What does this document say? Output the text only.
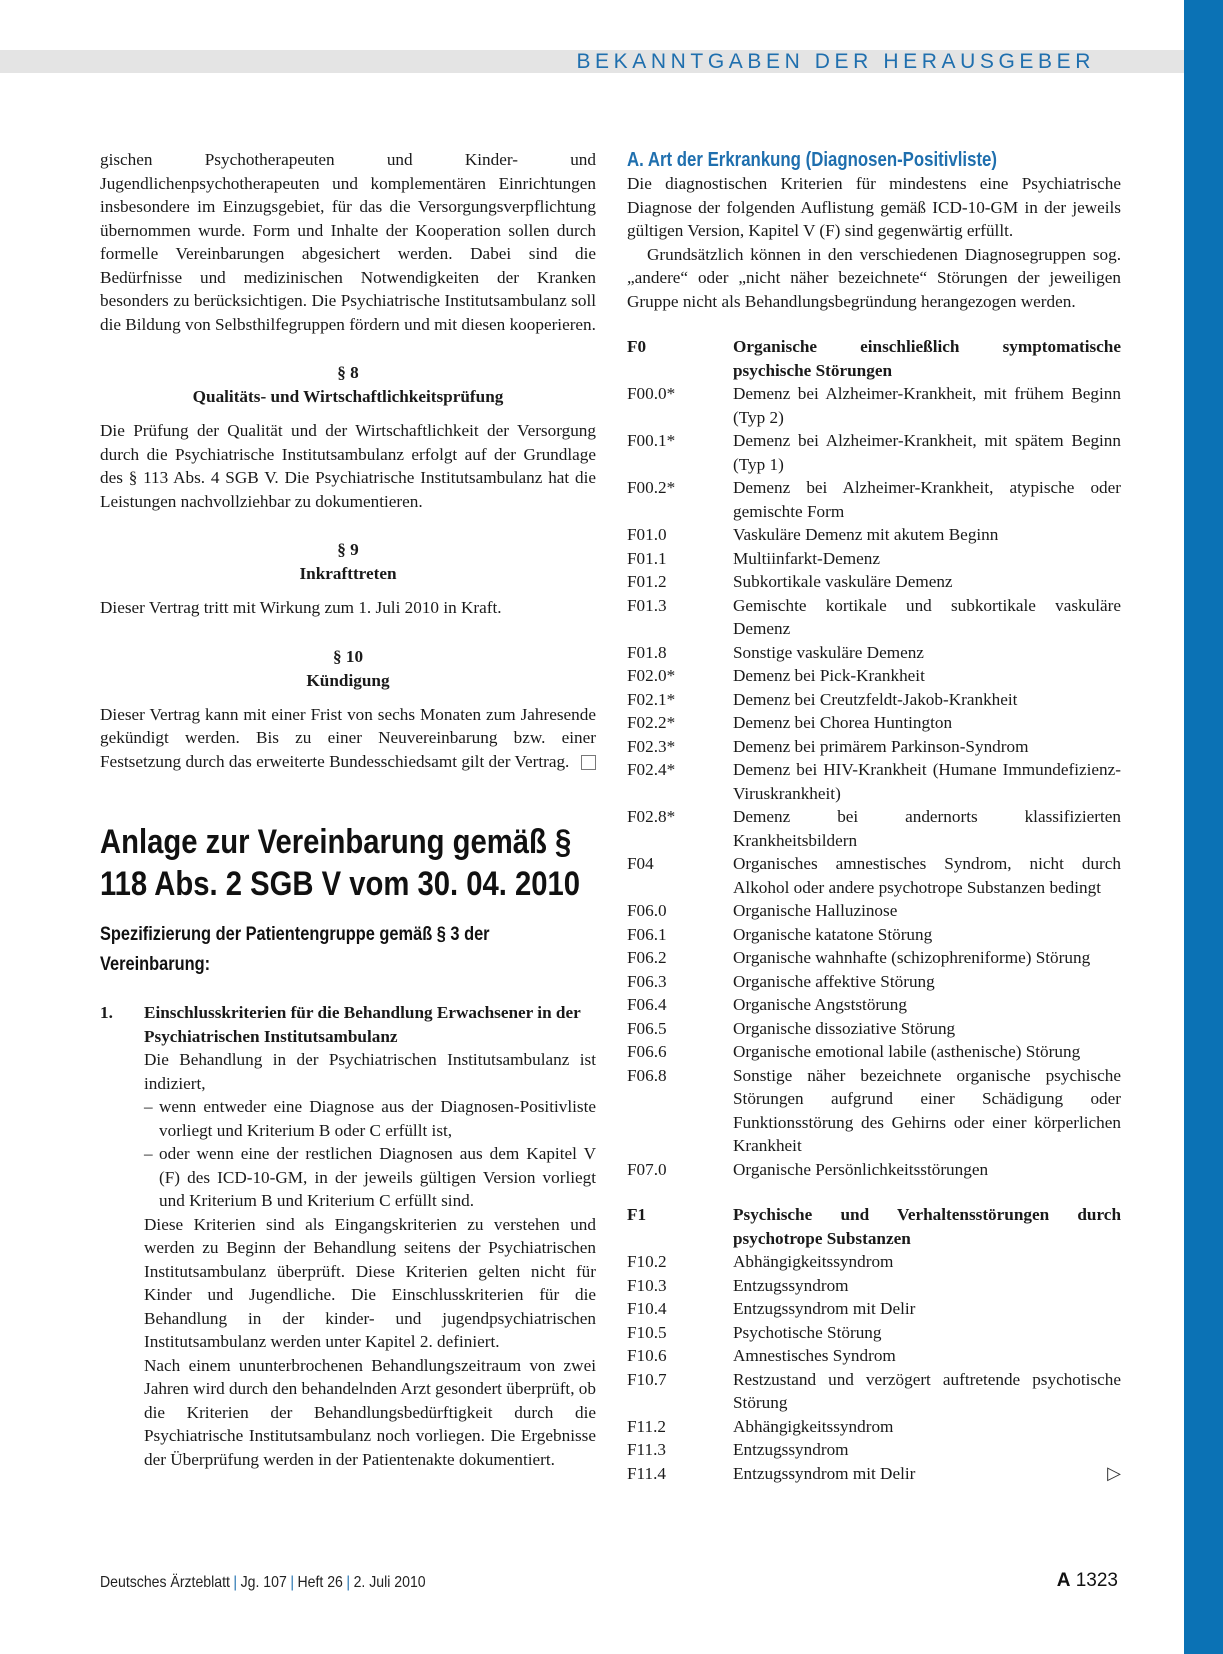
BEKANNTGABEN DER HERAUSGEBER

gischen Psychotherapeuten und Kinder- und Jugendlichenpsychotherapeuten und komplementären Einrichtungen insbesondere im Einzugsgebiet, für das die Versorgungsverpflichtung übernommen wurde. Form und Inhalte der Kooperation sollen durch formelle Vereinbarungen abgesichert werden. Dabei sind die Bedürfnisse und medizinischen Notwendigkeiten der Kranken besonders zu berücksichtigen. Die Psychiatrische Institutsambulanz soll die Bildung von Selbsthilfegruppen fördern und mit diesen kooperieren.

§ 8
Qualitäts- und Wirtschaftlichkeitsprüfung

Die Prüfung der Qualität und der Wirtschaftlichkeit der Versorgung durch die Psychiatrische Institutsambulanz erfolgt auf der Grundlage des § 113 Abs. 4 SGB V. Die Psychiatrische Institutsambulanz hat die Leistungen nachvollziehbar zu dokumentieren.

§ 9
Inkrafttreten

Dieser Vertrag tritt mit Wirkung zum 1. Juli 2010 in Kraft.

§ 10
Kündigung

Dieser Vertrag kann mit einer Frist von sechs Monaten zum Jahresende gekündigt werden. Bis zu einer Neuvereinbarung bzw. einer Festsetzung durch das erweiterte Bundesschiedsamt gilt der Vertrag.

Anlage zur Vereinbarung gemäß § 118 Abs. 2 SGB V vom 30. 04. 2010
Spezifizierung der Patientengruppe gemäß § 3 der Vereinbarung:
1.	Einschlusskriterien für die Behandlung Erwachsener in der Psychiatrischen Institutsambulanz

Die Behandlung in der Psychiatrischen Institutsambulanz ist indiziert,

– wenn entweder eine Diagnose aus der Diagnosen-Positivliste vorliegt und Kriterium B oder C erfüllt ist,
– oder wenn eine der restlichen Diagnosen aus dem Kapitel V (F) des ICD-10-GM, in der jeweils gültigen Version vorliegt und Kriterium B und Kriterium C erfüllt sind.

Diese Kriterien sind als Eingangskriterien zu verstehen und werden zu Beginn der Behandlung seitens der Psychiatrischen Institutsambulanz überprüft. Diese Kriterien gelten nicht für Kinder und Jugendliche. Die Einschlusskriterien für die Behandlung in der kinder- und jugendpsychiatrischen Institutsambulanz werden unter Kapitel 2. definiert.

Nach einem ununterbrochenen Behandlungszeitraum von zwei Jahren wird durch den behandelnden Arzt gesondert überprüft, ob die Kriterien der Behandlungsbedürftigkeit durch die Psychiatrische Institutsambulanz noch vorliegen. Die Ergebnisse der Überprüfung werden in der Patientenakte dokumentiert.

A. Art der Erkrankung (Diagnosen-Positivliste)

Die diagnostischen Kriterien für mindestens eine Psychiatrische Diagnose der folgenden Auflistung gemäß ICD-10-GM in der jeweils gültigen Version, Kapitel V (F) sind gegenwärtig erfüllt.

Grundsätzlich können in den verschiedenen Diagnosegruppen sog. „andere“ oder „nicht näher bezeichnete“ Störungen der jeweiligen Gruppe nicht als Behandlungsbegründung herangezogen werden.

F0	Organische einschließlich symptomatische psychische Störungen
F00.0*	Demenz bei Alzheimer-Krankheit, mit frühem Beginn (Typ 2)
F00.1*	Demenz bei Alzheimer-Krankheit, mit spätem Beginn (Typ 1)
F00.2*	Demenz bei Alzheimer-Krankheit, atypische oder gemischte Form
F01.0	Vaskuläre Demenz mit akutem Beginn
F01.1	Multiinfarkt-Demenz
F01.2	Subkortikale vaskuläre Demenz
F01.3	Gemischte kortikale und subkortikale vaskuläre Demenz
F01.8	Sonstige vaskuläre Demenz
F02.0*	Demenz bei Pick-Krankheit
F02.1*	Demenz bei Creutzfeldt-Jakob-Krankheit
F02.2*	Demenz bei Chorea Huntington
F02.3*	Demenz bei primärem Parkinson-Syndrom
F02.4*	Demenz bei HIV-Krankheit (Humane Immundefizienz-Viruskrankheit)
F02.8*	Demenz bei andernorts klassifizierten Krankheitsbildern
F04	Organisches amnestisches Syndrom, nicht durch Alkohol oder andere psychotrope Substanzen bedingt
F06.0	Organische Halluzinose
F06.1	Organische katatone Störung
F06.2	Organische wahnhafte (schizophreniforme) Störung
F06.3	Organische affektive Störung
F06.4	Organische Angststörung
F06.5	Organische dissoziative Störung
F06.6	Organische emotional labile (asthenische) Störung
F06.8	Sonstige näher bezeichnete organische psychische Störungen aufgrund einer Schädigung oder Funktionsstörung des Gehirns oder einer körperlichen Krankheit
F07.0	Organische Persönlichkeitsstörungen
F1	Psychische und Verhaltensstörungen durch psychotrope Substanzen
F10.2	Abhängigkeitssyndrom
F10.3	Entzugssyndrom
F10.4	Entzugssyndrom mit Delir
F10.5	Psychotische Störung
F10.6	Amnestisches Syndrom
F10.7	Restzustand und verzögert auftretende psychotische Störung
F11.2	Abhängigkeitssyndrom
F11.3	Entzugssyndrom
F11.4	Entzugssyndrom mit Delir	▷
Deutsches Ärzteblatt | Jg. 107 | Heft 26 | 2. Juli 2010	A 1323
